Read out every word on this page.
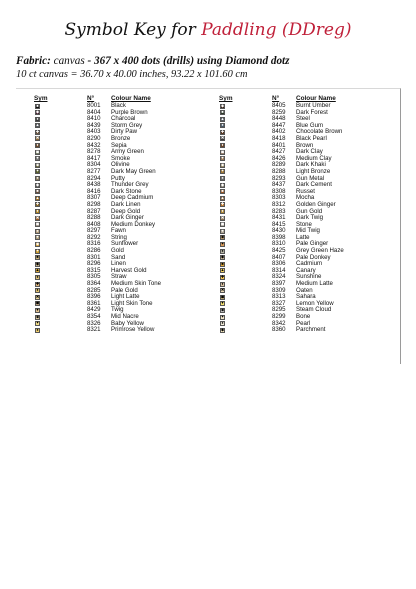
Symbol Key for Paddling (DDreg)
Fabric: canvas - 367 x 400 dots (drills) using Diamond dotz
10 ct canvas = 36.70 x 40.00 inches, 93.22 x 101.60 cm
Sym	N°	Colour Name
■	8001 Black
◆	8404 Purple Brown
●	8410 Charcoal
▲	8439 Storm Grey
✚	8403 Dirty Paw
✖	8290 Bronze
♦	8432 Sepia
◼	8278 Army Green
▼	8417 Smoke
◉	8304 Olivine
✦	8277 Dark May Green
●	8294 Putty
◆	8438 Thunder Grey
■	8416 Dark Stone
▲	8307 Deep Cadmium
✚	8298 Dark Linen
♦	8287 Deep Gold
✖	8288 Dark Ginger
◼	8408 Medium Donkey
●	8297 Fawn
▼	8292 String
◉	8316 Sunflower
✦	8286 Gold
■	8301 Sand
◆	8296 Linen
▲	8315 Harvest Gold
●	8305 Straw
✚	8364 Medium Skin Tone
♦	8285 Pale Gold
✖	8396 Light Latte
◼	8361 Light Skin Tone
▼	8429 Twig
◉	8354 Mid Nacre
✦	8326 Baby Yellow
●	8321 Primrose Yellow
Sym	N°	Colour Name
◆	8405 Burnt Umber
■	8259 Dark Forest
▲	8448 Steel
●	8447 Blue Gum
✚	8402 Chocolate Brown
✖	8418 Black Pearl
♦	8401 Brown
◼	8427 Dark Clay
▼	8426 Medium Clay
◉	8289 Dark Khaki
✦	8288 Light Bronze
●	8293 Gun Metal
◆	8437 Dark Cement
■	8308 Russet
▲	8303 Mocha
✚	8312 Golden Ginger
♦	8283 Gun Gold
✖	8431 Dark Twig
◼	8415 Stone
▼	8430 Mid Twig
◉	8398 Latte
✦	8310 Pale Ginger
●	8425 Grey Green Haze
◆	8407 Pale Donkey
■	8306 Cadmium
▲	8314 Canary
✚	8324 Sunshine
♦	8397 Medium Latte
✖	8309 Oaten
◼	8313 Sahara
▼	8327 Lemon Yellow
◉	8295 Steam Cloud
✦	8299 Bone
●	8342 Pearl
◆	8360 Parchment
